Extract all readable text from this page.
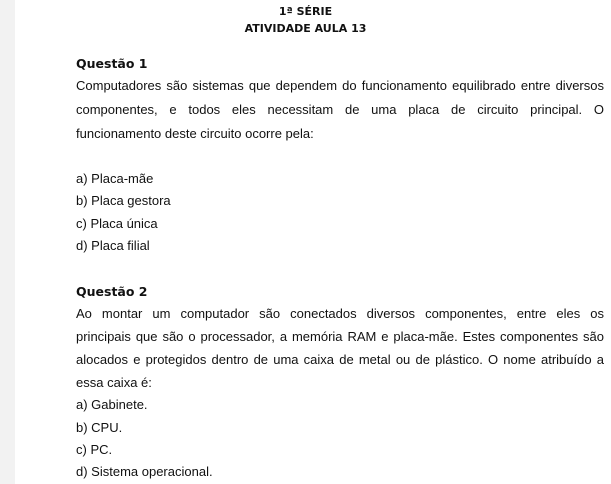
1ª SÉRIE
ATIVIDADE AULA 13
Questão 1
Computadores são sistemas que dependem do funcionamento equilibrado entre diversos
componentes, e todos eles necessitam de uma placa de circuito principal. O
funcionamento deste circuito ocorre pela:
a) Placa-mãe
b) Placa gestora
c) Placa única
d) Placa filial
Questão 2
Ao montar um computador são conectados diversos componentes, entre eles os
principais que são o processador, a memória RAM e placa-mãe. Estes componentes são
alocados e protegidos dentro de uma caixa de metal ou de plástico. O nome atribuído a
essa caixa é:
a) Gabinete.
b) CPU.
c) PC.
d) Sistema operacional.
